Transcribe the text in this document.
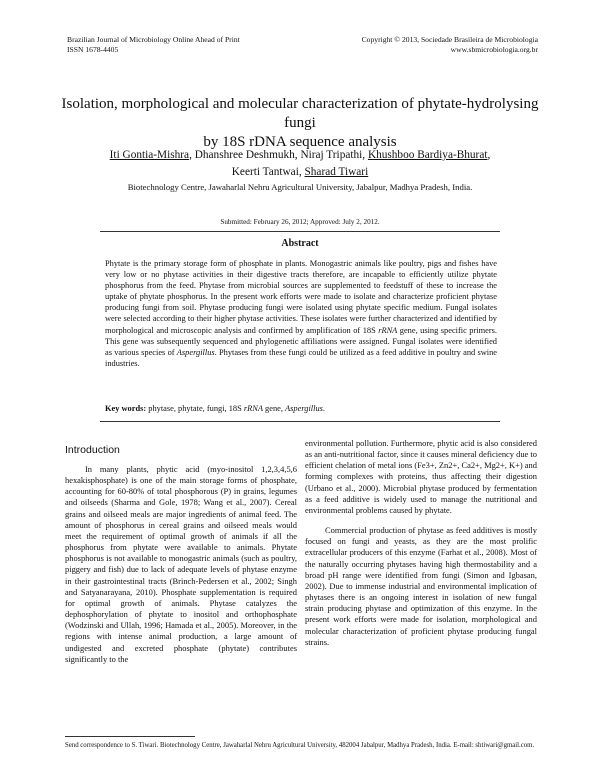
Brazilian Journal of Microbiology Online Ahead of Print
ISSN 1678-4405
Copyright © 2013, Sociedade Brasileira de Microbiologia
www.sbmicrobiologia.org.br
Isolation, morphological and molecular characterization of phytate-hydrolysing fungi
by 18S rDNA sequence analysis
Iti Gontia-Mishra, Dhanshree Deshmukh, Niraj Tripathi, Khushboo Bardiya-Bhurat,
Keerti Tantwai, Sharad Tiwari
Biotechnology Centre, Jawaharlal Nehru Agricultural University, Jabalpur, Madhya Pradesh, India.
Submitted: February 26, 2012; Approved: July 2, 2012.
Abstract
Phytate is the primary storage form of phosphate in plants. Monogastric animals like poultry, pigs and fishes have very low or no phytase activities in their digestive tracts therefore, are incapable to efficiently utilize phytate phosphorus from the feed. Phytase from microbial sources are supplemented to feedstuff of these to increase the uptake of phytate phosphorus. In the present work efforts were made to isolate and characterize proficient phytase producing fungi from soil. Phytase producing fungi were isolated using phytate specific medium. Fungal isolates were selected according to their higher phytase activities. These isolates were further characterized and identified by morphological and microscopic analysis and confirmed by amplification of 18S rRNA gene, using specific primers. This gene was subsequently sequenced and phylogenetic affiliations were assigned. Fungal isolates were identified as various species of Aspergillus. Phytases from these fungi could be utilized as a feed additive in poultry and swine industries.
Key words: phytase, phytate, fungi, 18S rRNA gene, Aspergillus.
Introduction

In many plants, phytic acid (myo-inositol 1,2,3,4,5,6 hexakisphosphate) is one of the main storage forms of phosphate, accounting for 60-80% of total phosphorous (P) in grains, legumes and oilseeds (Sharma and Gole, 1978; Wang et al., 2007). Cereal grains and oilseed meals are major ingredients of animal feed. The amount of phosphorus in cereal grains and oilseed meals would meet the requirement of optimal growth of animals if all the phosphorus from phytate were available to animals. Phytate phosphorus is not available to monogastric animals (such as poultry, piggery and fish) due to lack of adequate levels of phytase enzyme in their gastrointestinal tracts (Brinch-Pedersen et al., 2002; Singh and Satyanarayana, 2010). Phosphate supplementation is required for optimal growth of animals. Phytase catalyzes the dephosphorylation of phytate to inositol and orthophosphate (Wodzinski and Ullah, 1996; Hamada et al., 2005). Moreover, in the regions with intense animal production, a large amount of undigested and excreted phosphate (phytate) contributes significantly to the

environmental pollution. Furthermore, phytic acid is also considered as an anti-nutritional factor, since it causes mineral deficiency due to efficient chelation of metal ions (Fe3+, Zn2+, Ca2+, Mg2+, K+) and forming complexes with proteins, thus affecting their digestion (Urbano et al., 2000). Microbial phytase produced by fermentation as a feed additive is widely used to manage the nutritional and environmental problems caused by phytate.

Commercial production of phytase as feed additives is mostly focused on fungi and yeasts, as they are the most prolific extracellular producers of this enzyme (Farhat et al., 2008). Most of the naturally occurring phytases having high thermostability and a broad pH range were identified from fungi (Simon and Igbasan, 2002). Due to immense industrial and environmental implication of phytases there is an ongoing interest in isolation of new fungal strain producing phytase and optimization of this enzyme. In the present work efforts were made for isolation, morphological and molecular characterization of proficient phytase producing fungal strains.

Send correspondence to S. Tiwari. Biotechnology Centre, Jawaharlal Nehru Agricultural University, 482004 Jabalpur, Madhya Pradesh, India. E-mail: shtiwari@gmail.com.
